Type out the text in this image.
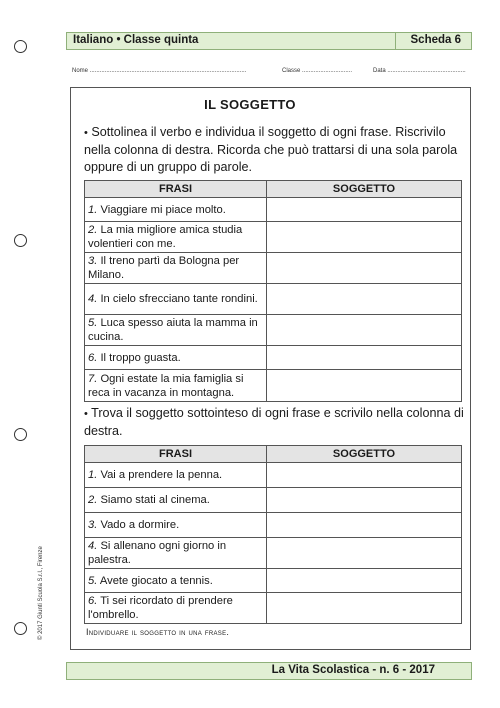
Italiano • Classe quinta	Scheda 6
Nome ..............................................................................................	Classe ..............................	Data ...............................................
IL SOGGETTO
• Sottolinea il verbo e individua il soggetto di ogni frase. Riscrivilo nella colonna di destra. Ricorda che può trattarsi di una sola parola oppure di un gruppo di parole.
FRASI	SOGGETTO
1. Viaggiare mi piace molto.	
2. La mia migliore amica studia volentieri con me.	
3. Il treno partì da Bologna per Milano.	
4. In cielo sfrecciano tante rondini.	
5. Luca spesso aiuta la mamma in cucina.	
6. Il troppo guasta.	
7. Ogni estate la mia famiglia si reca in vacanza in montagna.	
• Trova il soggetto sottointeso di ogni frase e scrivilo nella colonna di destra.
FRASI	SOGGETTO
1. Vai a prendere la penna.	
2. Siamo stati al cinema.	
3. Vado a dormire.	
4. Si allenano ogni giorno in palestra.	
5. Avete giocato a tennis.	
6. Ti sei ricordato di prendere l'ombrello.	
Individuare il soggetto in una frase.
La Vita Scolastica - n. 6 - 2017
© 2017 Giunti Scuola S.r.l., Firenze
